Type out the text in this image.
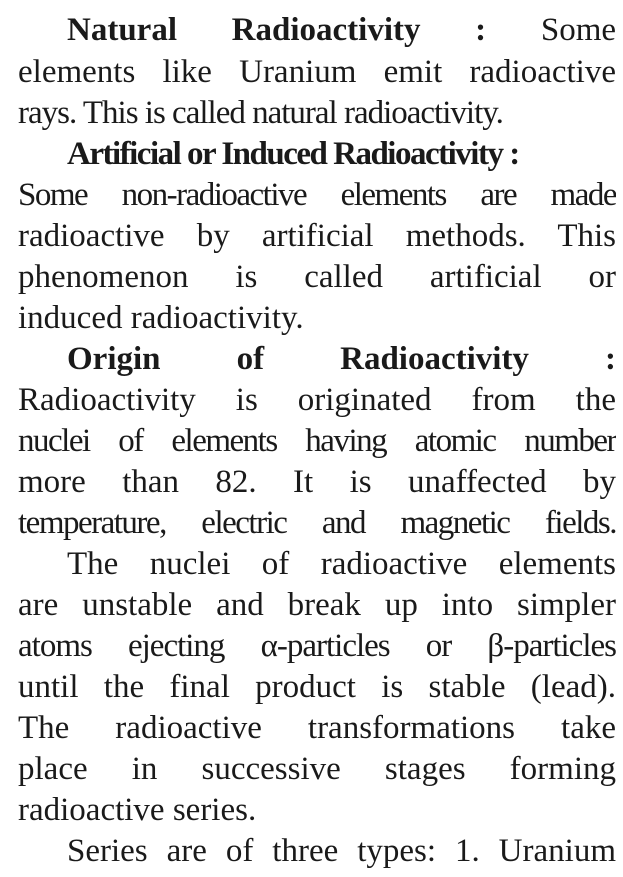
Natural Radioactivity : Some
elements like Uranium emit radioactive
rays. This is called natural radioactivity.
Artificial or Induced Radioactivity :
Some non-radioactive elements are made
radioactive by artificial methods. This
phenomenon is called artificial or
induced radioactivity.
Origin of Radioactivity :
Radioactivity is originated from the
nuclei of elements having atomic number
more than 82. It is unaffected by
temperature, electric and magnetic fields.
The nuclei of radioactive elements
are unstable and break up into simpler
atoms ejecting α-particles or β-particles
until the final product is stable (lead).
The radioactive transformations take
place in successive stages forming
radioactive series.
Series are of three types: 1. Uranium
